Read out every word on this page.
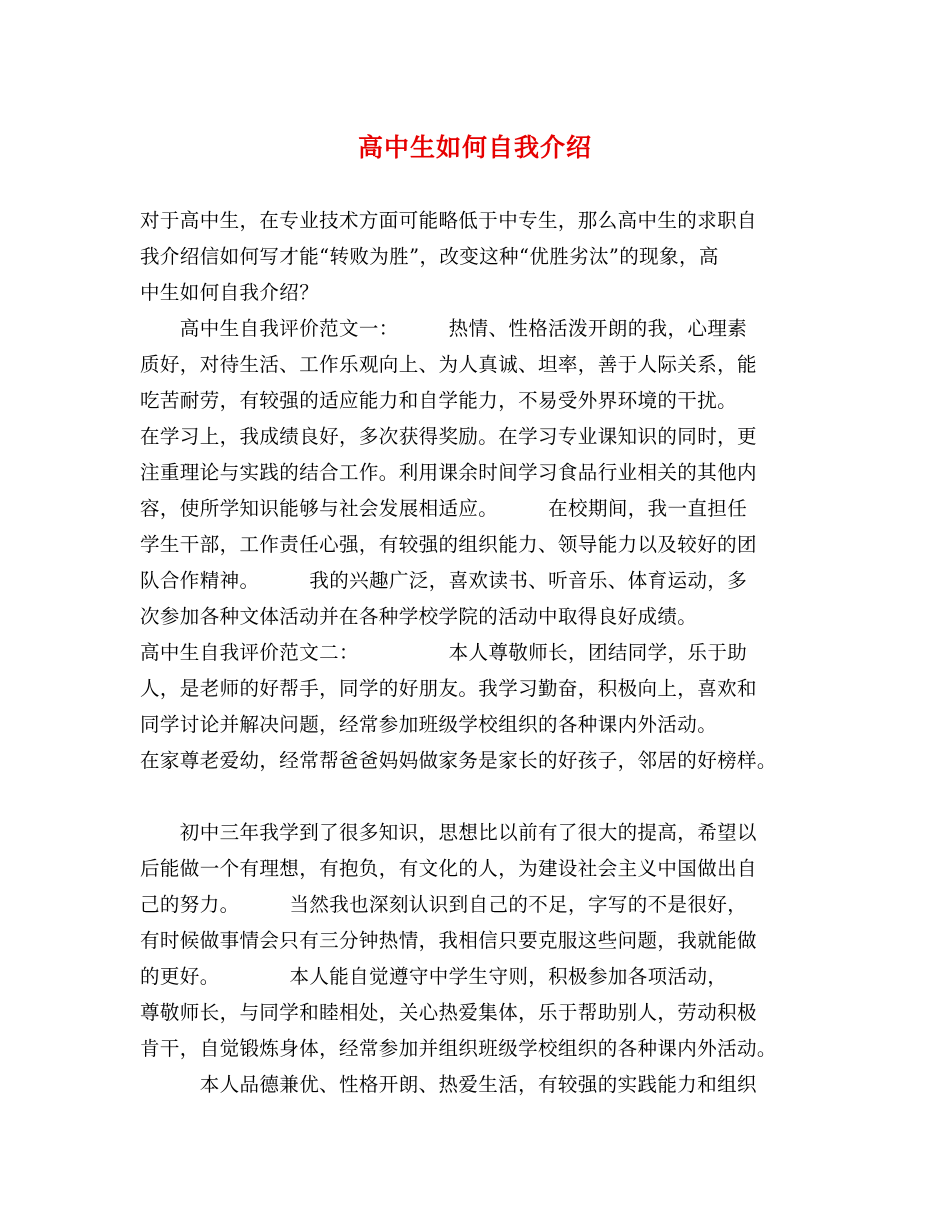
高中生如何自我介绍
对于高中生，在专业技术方面可能略低于中专生，那么高中生的求职自
我介绍信如何写才能“转败为胜”，改变这种“优胜劣汰”的现象，高
中生如何自我介绍？
　　高中生自我评价范文一：　　　热情、性格活泼开朗的我，心理素
质好，对待生活、工作乐观向上、为人真诚、坦率，善于人际关系，能
吃苦耐劳，有较强的适应能力和自学能力，不易受外界环境的干扰。
在学习上，我成绩良好，多次获得奖励。在学习专业课知识的同时，更
注重理论与实践的结合工作。利用课余时间学习食品行业相关的其他内
容，使所学知识能够与社会发展相适应。　　　在校期间，我一直担任
学生干部，工作责任心强，有较强的组织能力、领导能力以及较好的团
队合作精神。　　　我的兴趣广泛，喜欢读书、听音乐、体育运动，多
次参加各种文体活动并在各种学校学院的活动中取得良好成绩。
高中生自我评价范文二：　　　　　本人尊敬师长，团结同学，乐于助
人，是老师的好帮手，同学的好朋友。我学习勤奋，积极向上，喜欢和
同学讨论并解决问题，经常参加班级学校组织的各种课内外活动。
在家尊老爱幼，经常帮爸爸妈妈做家务是家长的好孩子，邻居的好榜样。
　　初中三年我学到了很多知识，思想比以前有了很大的提高，希望以
后能做一个有理想，有抱负，有文化的人，为建设社会主义中国做出自
己的努力。　　　当然我也深刻认识到自己的不足，字写的不是很好，
有时候做事情会只有三分钟热情，我相信只要克服这些问题，我就能做
的更好。　　　　本人能自觉遵守中学生守则，积极参加各项活动，
尊敬师长，与同学和睦相处，关心热爱集体，乐于帮助别人，劳动积极
肯干，自觉锻炼身体，经常参加并组织班级学校组织的各种课内外活动。
　　　本人品德兼优、性格开朗、热爱生活，有较强的实践能力和组织
